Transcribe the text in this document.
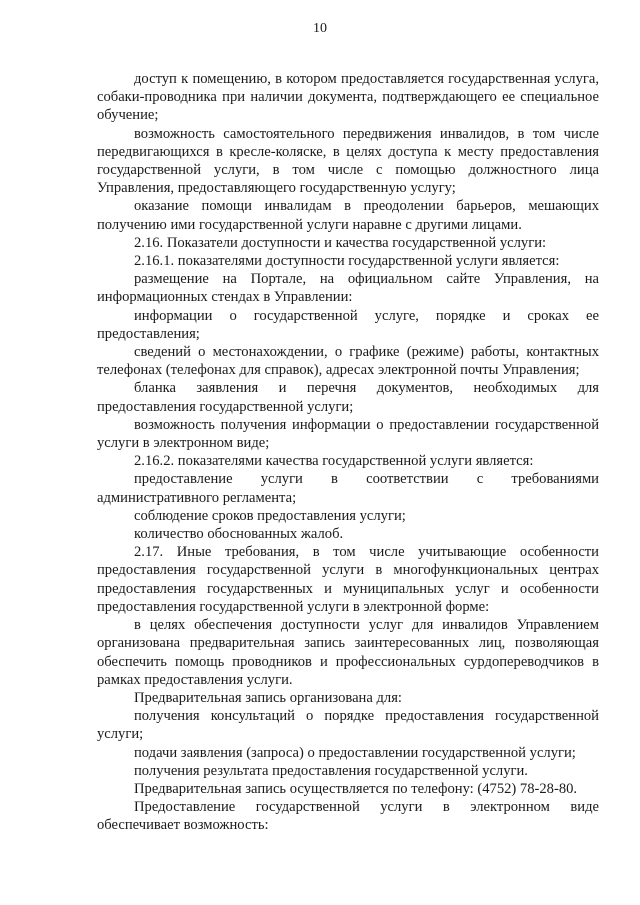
10

доступ к помещению, в котором предоставляется государственная услуга, собаки-проводника при наличии документа, подтверждающего ее специальное обучение;

возможность самостоятельного передвижения инвалидов, в том числе передвигающихся в кресле-коляске, в целях доступа к месту предоставления государственной услуги, в том числе с помощью должностного лица Управления, предоставляющего государственную услугу;

оказание помощи инвалидам в преодолении барьеров, мешающих получению ими государственной услуги наравне с другими лицами.

2.16. Показатели доступности и качества государственной услуги:

2.16.1. показателями доступности государственной услуги является:

размещение на Портале, на официальном сайте Управления, на информационных стендах в Управлении:

информации о государственной услуге, порядке и сроках ее предоставления;

сведений о местонахождении, о графике (режиме) работы, контактных телефонах (телефонах для справок), адресах электронной почты Управления;

бланка заявления и перечня документов, необходимых для предоставления государственной услуги;

возможность получения информации о предоставлении государственной услуги в электронном виде;

2.16.2. показателями качества государственной услуги является:

предоставление услуги в соответствии с требованиями административного регламента;

соблюдение сроков предоставления услуги;

количество обоснованных жалоб.

2.17. Иные требования, в том числе учитывающие особенности предоставления государственной услуги в многофункциональных центрах предоставления государственных и муниципальных услуг и особенности предоставления государственной услуги в электронной форме:

в целях обеспечения доступности услуг для инвалидов Управлением организована предварительная запись заинтересованных лиц, позволяющая обеспечить помощь проводников и профессиональных сурдопереводчиков в рамках предоставления услуги.

Предварительная запись организована для:

получения консультаций о порядке предоставления государственной услуги;

подачи заявления (запроса) о предоставлении государственной услуги;

получения результата предоставления государственной услуги.

Предварительная запись осуществляется по телефону: (4752) 78-28-80.

Предоставление государственной услуги в электронном виде обеспечивает возможность:
